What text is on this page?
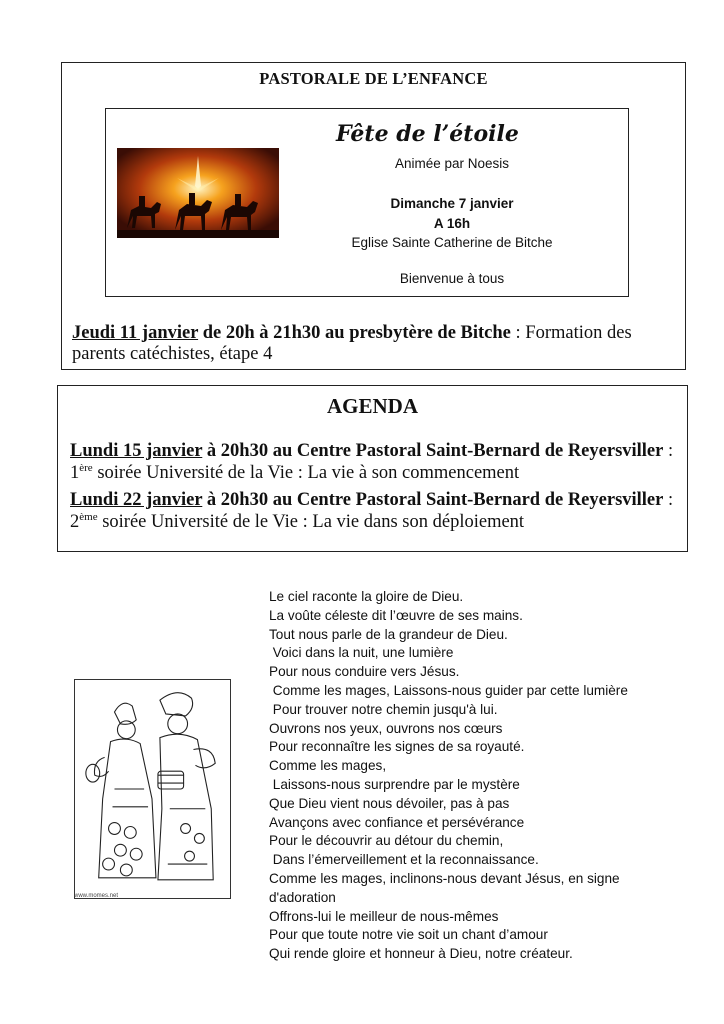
PASTORALE DE L’ENFANCE
Fête de l’étoile
Animée par Noesis
Dimanche 7 janvier
A 16h
Eglise Sainte Catherine de Bitche
Bienvenue à tous
Jeudi 11 janvier de 20h à 21h30 au presbytère de Bitche : Formation des parents catéchistes, étape 4
AGENDA
Lundi 15 janvier à 20h30 au Centre Pastoral Saint-Bernard de Reyersviller : 1ère soirée Université de la Vie : La vie à son commencement
Lundi 22 janvier à 20h30 au Centre Pastoral Saint-Bernard de Reyersviller : 2ème soirée Université de le Vie : La vie dans son déploiement
www.momes.net
Le ciel raconte la gloire de Dieu.
La voûte céleste dit l’œuvre de ses mains.
Tout nous parle de la grandeur de Dieu.
Voici dans la nuit, une lumière
Pour nous conduire vers Jésus.
Comme les mages, Laissons-nous guider par cette lumière
Pour trouver notre chemin jusqu'à lui.
Ouvrons nos yeux, ouvrons nos cœurs
Pour reconnaître les signes de sa royauté.
Comme les mages,
Laissons-nous surprendre par le mystère
Que Dieu vient nous dévoiler, pas à pas
Avançons avec confiance et persévérance
Pour le découvrir au détour du chemin,
Dans l’émerveillement et la reconnaissance.
Comme les mages, inclinons-nous devant Jésus, en signe
d'adoration
Offrons-lui le meilleur de nous-mêmes
Pour que toute notre vie soit un chant d’amour
Qui rende gloire et honneur à Dieu, notre créateur.
